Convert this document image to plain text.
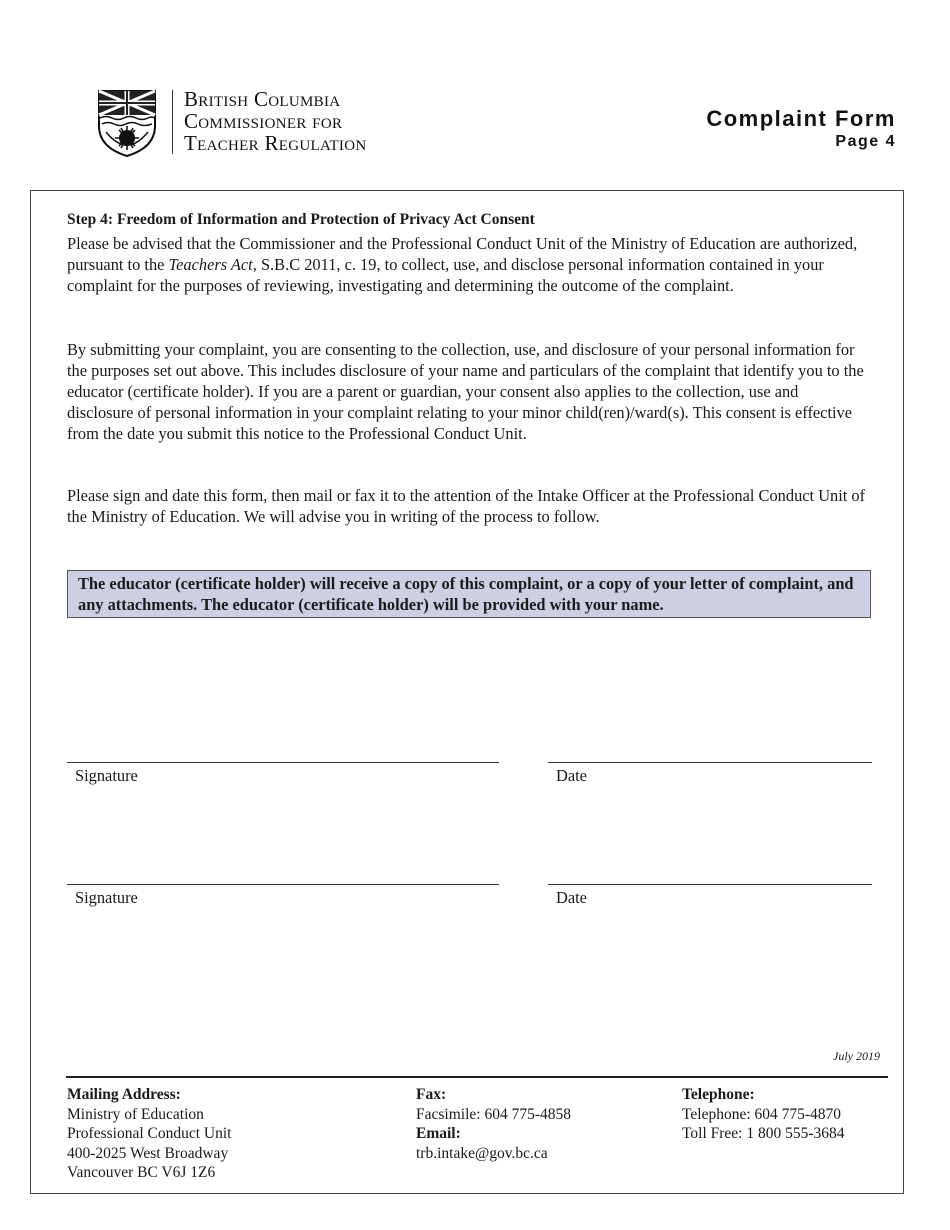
British Columbia
Commissioner for
Teacher Regulation
Complaint Form
Page 4
Step 4: Freedom of Information and Protection of Privacy Act Consent

Please be advised that the Commissioner and the Professional Conduct Unit of the Ministry of Education are authorized, pursuant to the Teachers Act, S.B.C 2011, c. 19, to collect, use, and disclose personal information contained in your complaint for the purposes of reviewing, investigating and determining the outcome of the complaint.

By submitting your complaint, you are consenting to the collection, use, and disclosure of your personal information for the purposes set out above. This includes disclosure of your name and particulars of the complaint that identify you to the educator (certificate holder). If you are a parent or guardian, your consent also applies to the collection, use and disclosure of personal information in your complaint relating to your minor child(ren)/ward(s). This consent is effective from the date you submit this notice to the Professional Conduct Unit.

Please sign and date this form, then mail or fax it to the attention of the Intake Officer at the Professional Conduct Unit of the Ministry of Education. We will advise you in writing of the process to follow.

The educator (certificate holder) will receive a copy of this complaint, or a copy of your letter of complaint, and any attachments. The educator (certificate holder) will be provided with your name.
Signature	Date
Signature	Date
July 2019
Mailing Address:
Ministry of Education
Professional Conduct Unit
400-2025 West Broadway
Vancouver BC V6J 1Z6
Fax:
Facsimile: 604 775-4858
Email:
trb.intake@gov.bc.ca
Telephone:
Telephone: 604 775-4870
Toll Free: 1 800 555-3684
